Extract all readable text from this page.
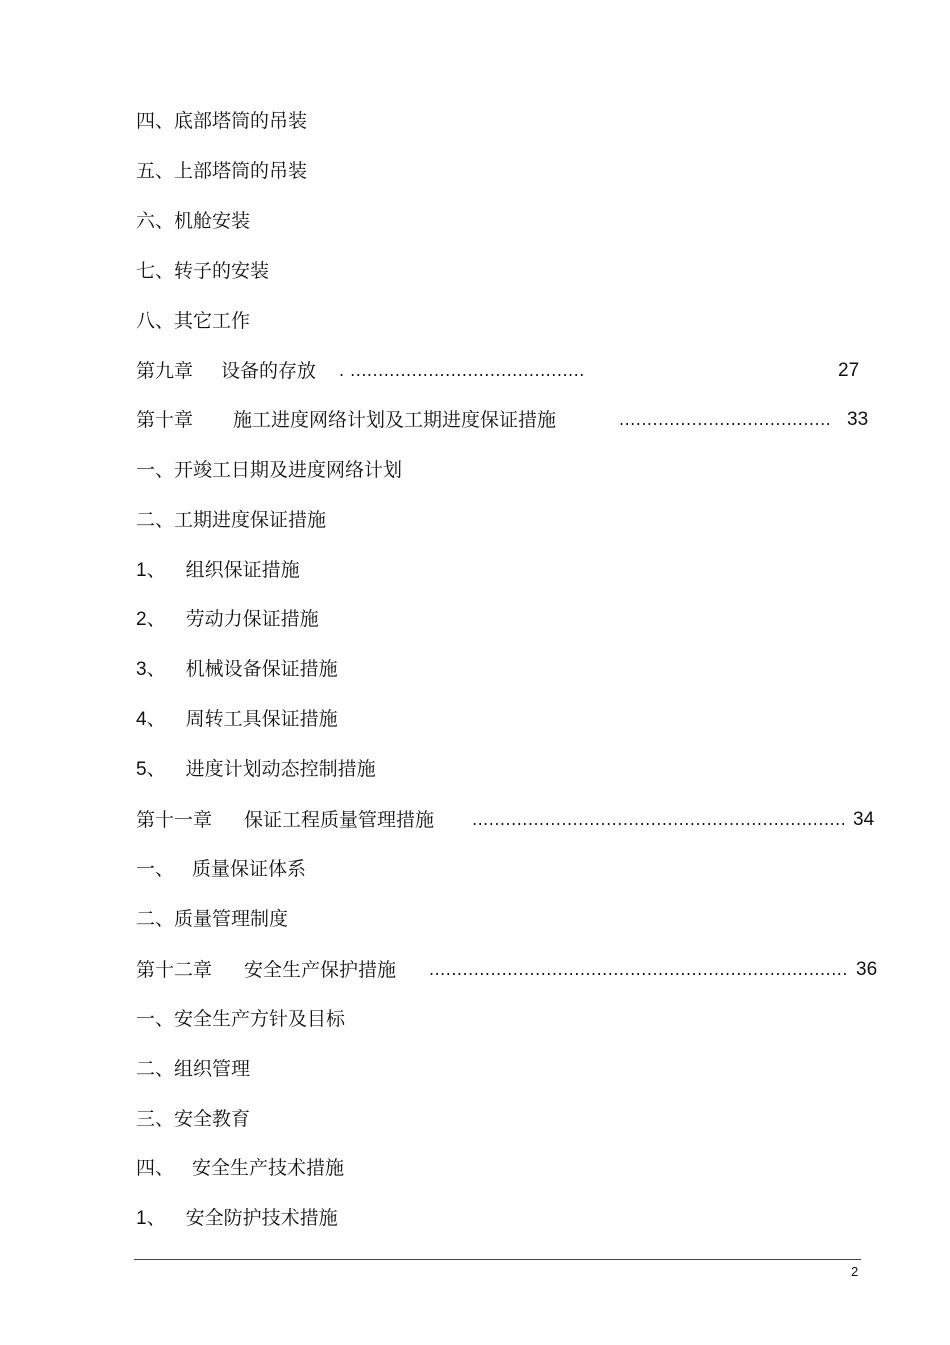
四、底部塔筒的吊装
五、上部塔筒的吊装
六、机舱安装
七、转子的安装
八、其它工作
第九章 设备的存放 . ..........................................	27
第十章 施工进度网络计划及工期进度保证措施	...................................... 33
一、开竣工日期及进度网络计划
二、工期进度保证措施
1、 组织保证措施
2、 劳动力保证措施
3、 机械设备保证措施
4、 周转工具保证措施
5、 进度计划动态控制措施
第十一章 保证工程质量管理措施 ................................................................... 34
一、 质量保证体系
二、质量管理制度
第十二章 安全生产保护措施 ........................................................................... 36
一、安全生产方针及目标
二、组织管理
三、安全教育
四、 安全生产技术措施
1、 安全防护技术措施
2
